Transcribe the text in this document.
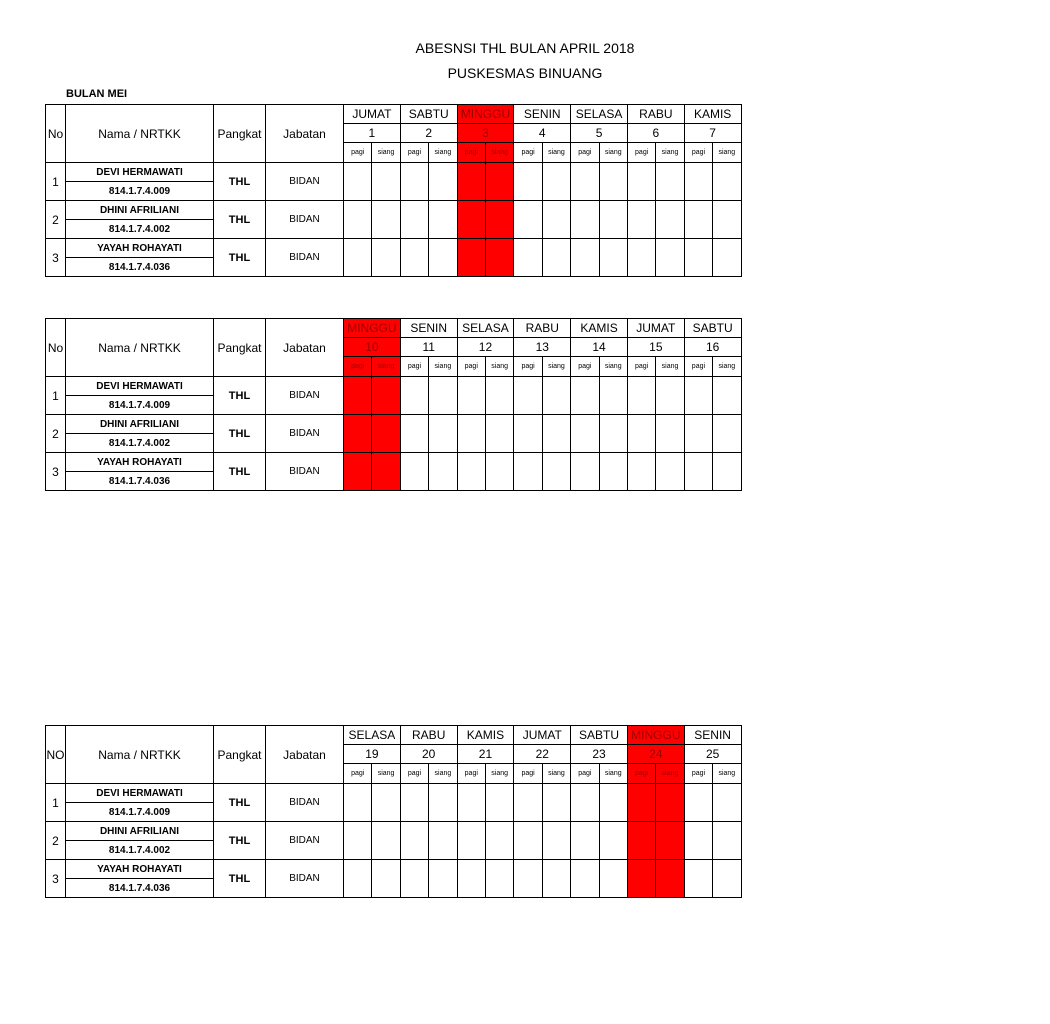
ABESNSI THL BULAN APRIL 2018
PUSKESMAS BINUANG
BULAN MEI
No	Nama / NRTKK	Pangkat	Jabatan	JUMAT		SABTU		MINGGU		SENIN		SELASA		RABU		KAMIS	
				1		2		3		4		5		6		7	
				pagi	siang	pagi	siang	pagi	siang	pagi	siang	pagi	siang	pagi	siang	pagi	siang
1	DEVI HERMAWATI	THL	BIDAN														
	814.1.7.4.009																
2	DHINI AFRILIANI	THL	BIDAN														
	814.1.7.4.002																
3	YAYAH ROHAYATI	THL	BIDAN														
	814.1.7.4.036																
No	Nama / NRTKK	Pangkat	Jabatan	MINGGU		SENIN		SELASA		RABU		KAMIS		JUMAT		SABTU	
				10		11		12		13		14		15		16	
				pagi	siang	pagi	siang	pagi	siang	pagi	siang	pagi	siang	pagi	siang	pagi	siang
1	DEVI HERMAWATI	THL	BIDAN														
	814.1.7.4.009																
2	DHINI AFRILIANI	THL	BIDAN														
	814.1.7.4.002																
3	YAYAH ROHAYATI	THL	BIDAN														
	814.1.7.4.036																
NO	Nama / NRTKK	Pangkat	Jabatan	SELASA		RABU		KAMIS		JUMAT		SABTU		MINGGU		SENIN	
				19		20		21		22		23		24		25	
				pagi	siang	pagi	siang	pagi	siang	pagi	siang	pagi	siang	pagi	siang	pagi	siang
1	DEVI HERMAWATI	THL	BIDAN														
	814.1.7.4.009																
2	DHINI AFRILIANI	THL	BIDAN														
	814.1.7.4.002																
3	YAYAH ROHAYATI	THL	BIDAN														
	814.1.7.4.036																
